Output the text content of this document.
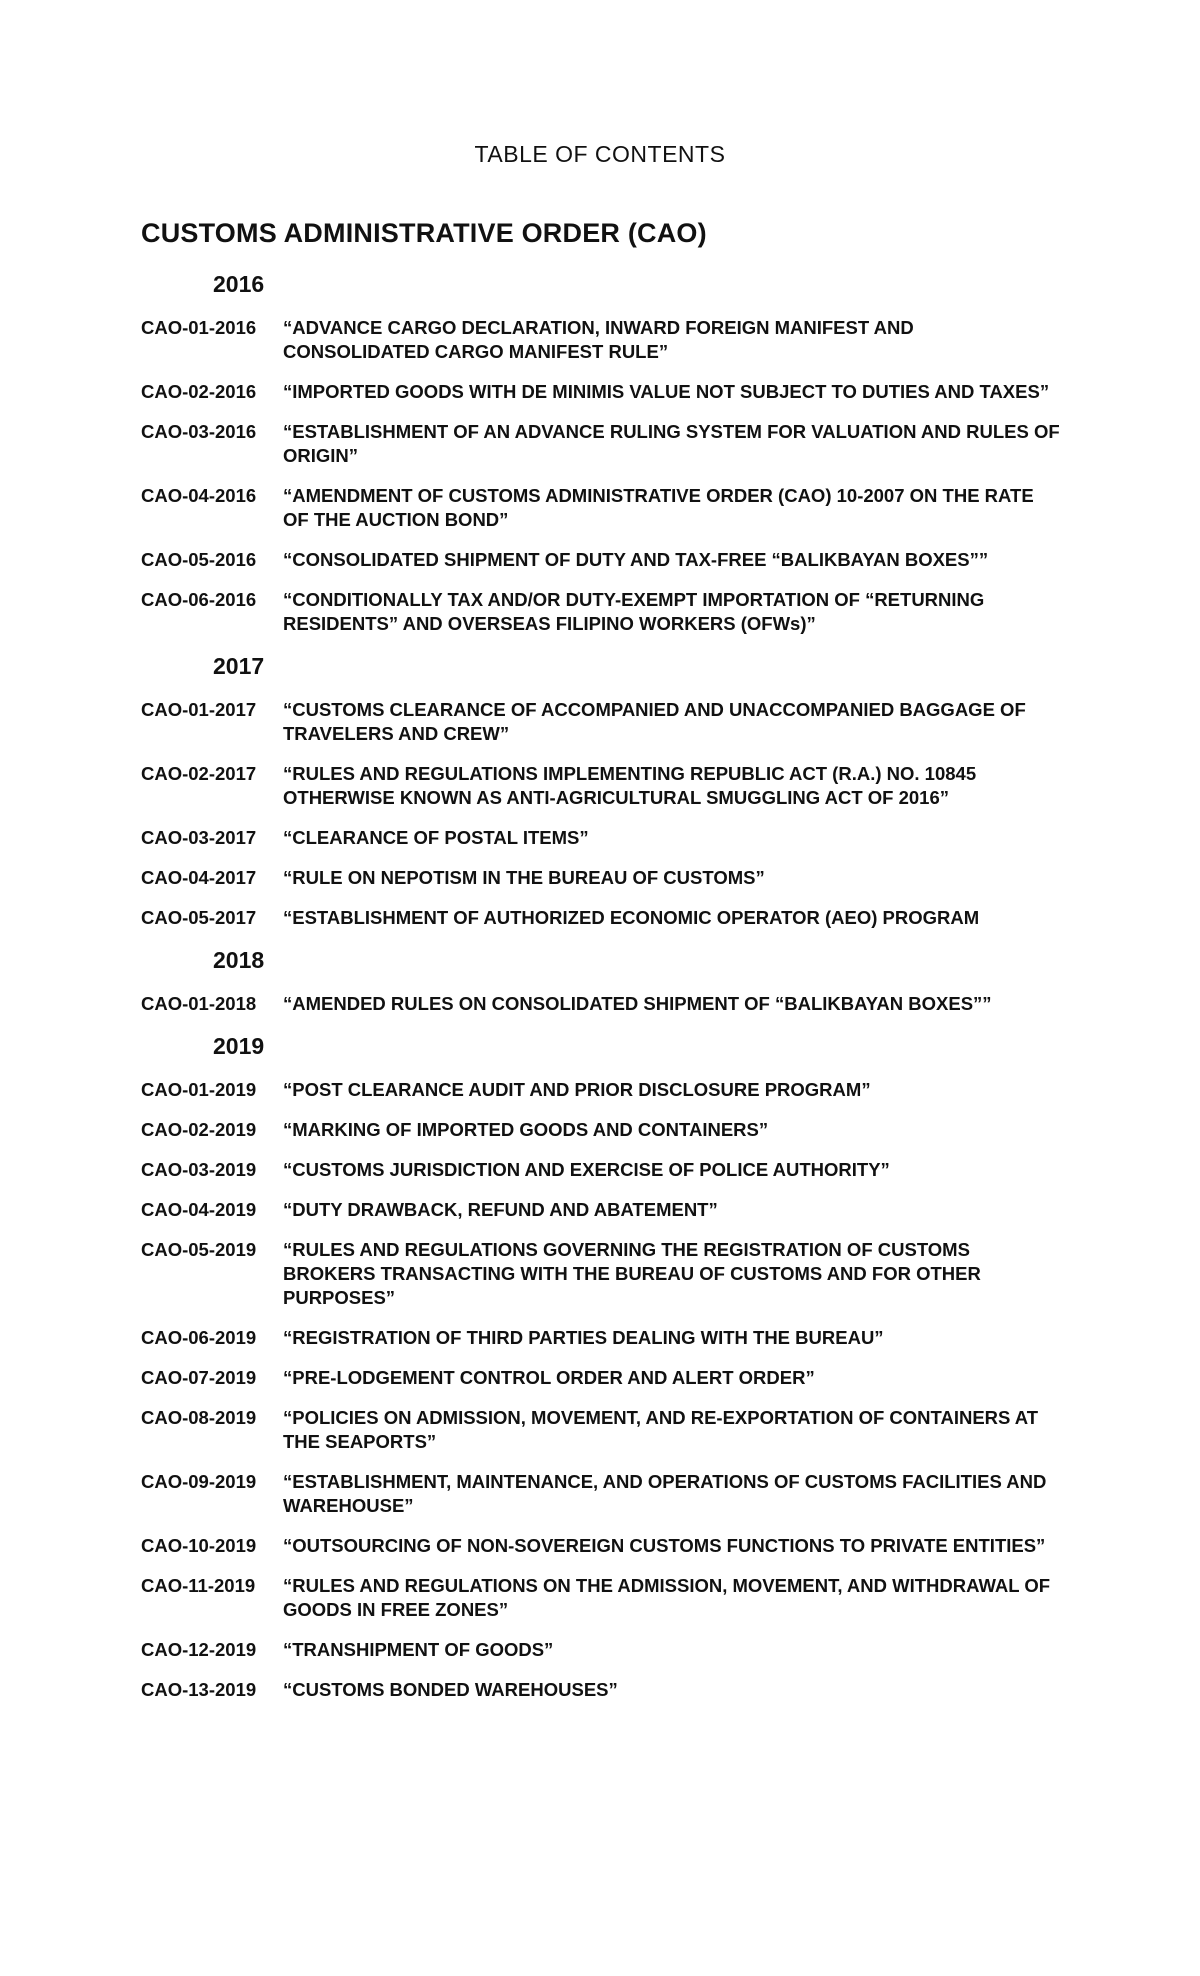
TABLE OF CONTENTS
CUSTOMS ADMINISTRATIVE ORDER (CAO)
2016
CAO-01-2016	“ADVANCE CARGO DECLARATION, INWARD FOREIGN MANIFEST AND CONSOLIDATED CARGO MANIFEST RULE”
CAO-02-2016	“IMPORTED GOODS WITH DE MINIMIS VALUE NOT SUBJECT TO DUTIES AND TAXES”
CAO-03-2016	“ESTABLISHMENT OF AN ADVANCE RULING SYSTEM FOR VALUATION AND RULES OF ORIGIN”
CAO-04-2016	“AMENDMENT OF CUSTOMS ADMINISTRATIVE ORDER (CAO) 10-2007 ON THE RATE OF THE AUCTION BOND”
CAO-05-2016	“CONSOLIDATED SHIPMENT OF DUTY AND TAX-FREE “BALIKBAYAN BOXES””
CAO-06-2016	“CONDITIONALLY TAX AND/OR DUTY-EXEMPT IMPORTATION OF “RETURNING RESIDENTS” AND OVERSEAS FILIPINO WORKERS (OFWs)”
2017
CAO-01-2017	“CUSTOMS CLEARANCE OF ACCOMPANIED AND UNACCOMPANIED BAGGAGE OF TRAVELERS AND CREW”
CAO-02-2017	“RULES AND REGULATIONS IMPLEMENTING REPUBLIC ACT (R.A.) NO. 10845 OTHERWISE KNOWN AS ANTI-AGRICULTURAL SMUGGLING ACT OF 2016”
CAO-03-2017	“CLEARANCE OF POSTAL ITEMS”
CAO-04-2017	“RULE ON NEPOTISM IN THE BUREAU OF CUSTOMS”
CAO-05-2017	“ESTABLISHMENT OF AUTHORIZED ECONOMIC OPERATOR (AEO) PROGRAM
2018
CAO-01-2018	“AMENDED RULES ON CONSOLIDATED SHIPMENT OF “BALIKBAYAN BOXES””
2019
CAO-01-2019	“POST CLEARANCE AUDIT AND PRIOR DISCLOSURE PROGRAM”
CAO-02-2019	“MARKING OF IMPORTED GOODS AND CONTAINERS”
CAO-03-2019	“CUSTOMS JURISDICTION AND EXERCISE OF POLICE AUTHORITY”
CAO-04-2019	“DUTY DRAWBACK, REFUND AND ABATEMENT”
CAO-05-2019	“RULES AND REGULATIONS GOVERNING THE REGISTRATION OF CUSTOMS BROKERS TRANSACTING WITH THE BUREAU OF CUSTOMS AND FOR OTHER PURPOSES”
CAO-06-2019	“REGISTRATION OF THIRD PARTIES DEALING WITH THE BUREAU”
CAO-07-2019	“PRE-LODGEMENT CONTROL ORDER AND ALERT ORDER”
CAO-08-2019	“POLICIES ON ADMISSION, MOVEMENT, AND RE-EXPORTATION OF CONTAINERS AT THE SEAPORTS”
CAO-09-2019	“ESTABLISHMENT, MAINTENANCE, AND OPERATIONS OF CUSTOMS FACILITIES AND WAREHOUSE”
CAO-10-2019	“OUTSOURCING OF NON-SOVEREIGN CUSTOMS FUNCTIONS TO PRIVATE ENTITIES”
CAO-11-2019	“RULES AND REGULATIONS ON THE ADMISSION, MOVEMENT, AND WITHDRAWAL OF GOODS IN FREE ZONES”
CAO-12-2019	“TRANSHIPMENT OF GOODS”
CAO-13-2019	“CUSTOMS BONDED WAREHOUSES”
